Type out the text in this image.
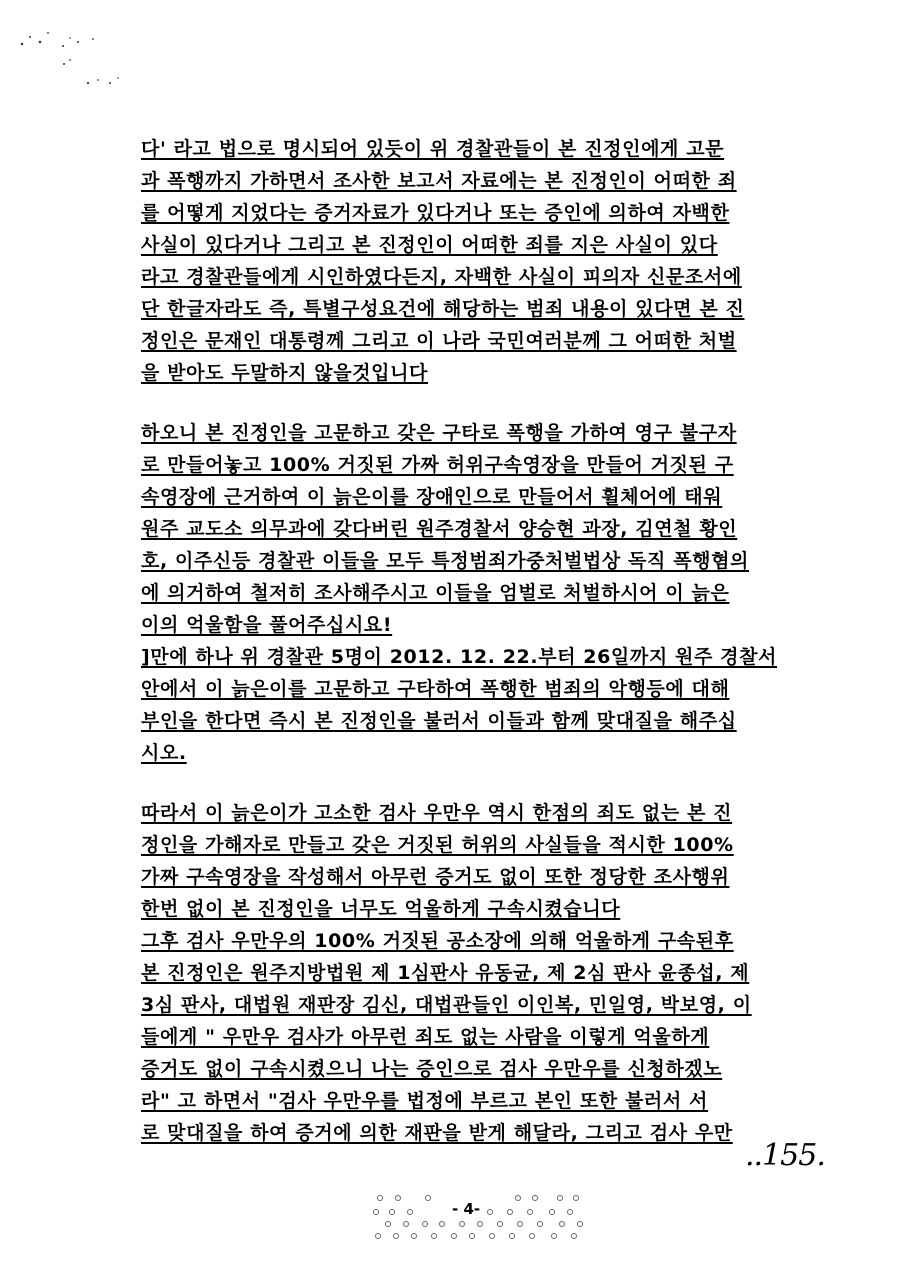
다' 라고 법으로 명시되어 있듯이 위 경찰관들이 본 진정인에게 고문
과 폭행까지 가하면서 조사한 보고서 자료에는 본 진정인이 어떠한 죄
를 어떻게 지었다는 증거자료가 있다거나 또는 증인에 의하여 자백한
사실이 있다거나 그리고 본 진정인이 어떠한 죄를 지은 사실이 있다
라고 경찰관들에게 시인하였다든지, 자백한 사실이 피의자 신문조서에
단 한글자라도 즉, 특별구성요건에 해당하는 범죄 내용이 있다면 본 진
정인은 문재인 대통령께 그리고 이 나라 국민여러분께 그 어떠한 처벌
을 받아도 두말하지 않을것입니다
하오니 본 진정인을 고문하고 갖은 구타로 폭행을 가하여 영구 불구자
로 만들어놓고 100% 거짓된 가짜 허위구속영장을 만들어 거짓된 구
속영장에 근거하여 이 늙은이를 장애인으로 만들어서 휠체어에 태워
원주 교도소 의무과에 갖다버린 원주경찰서 양승현 과장, 김연철 황인
호, 이주신등 경찰관 이들을 모두 특정범죄가중처벌법상 독직 폭행혐의
에 의거하여 철저히 조사해주시고 이들을 엄벌로 처벌하시어 이 늙은
이의 억울함을 풀어주십시요!
]만에 하나 위 경찰관 5명이 2012. 12. 22.부터 26일까지 원주 경찰서
안에서 이 늙은이를 고문하고 구타하여 폭행한 범죄의 악행등에 대해
부인을 한다면 즉시 본 진정인을 불러서 이들과 함께 맞대질을 해주십
시오.
따라서 이 늙은이가 고소한 검사 우만우 역시 한점의 죄도 없는 본 진
정인을 가해자로 만들고 갖은 거짓된 허위의 사실들을 적시한 100%
가짜 구속영장을 작성해서 아무런 증거도 없이 또한 정당한 조사행위
한번 없이 본 진정인을 너무도 억울하게 구속시켰습니다
그후 검사 우만우의 100% 거짓된 공소장에 의해 억울하게 구속된후
본 진정인은 원주지방법원 제 1심판사 유동균, 제 2심 판사 윤종섭, 제
3심 판사, 대법원 재판장 김신, 대법관들인 이인복, 민일영, 박보영, 이
들에게 " 우만우 검사가 아무런 죄도 없는 사람을 이렇게 억울하게
증거도 없이 구속시켰으니 나는 증인으로 검사 우만우를 신청하겠노
라" 고 하면서 "검사 우만우를 법정에 부르고 본인 또한 불러서 서
로 맞대질을 하여 증거에 의한 재판을 받게 해달라, 그리고 검사 우만
..155.
- 4-
